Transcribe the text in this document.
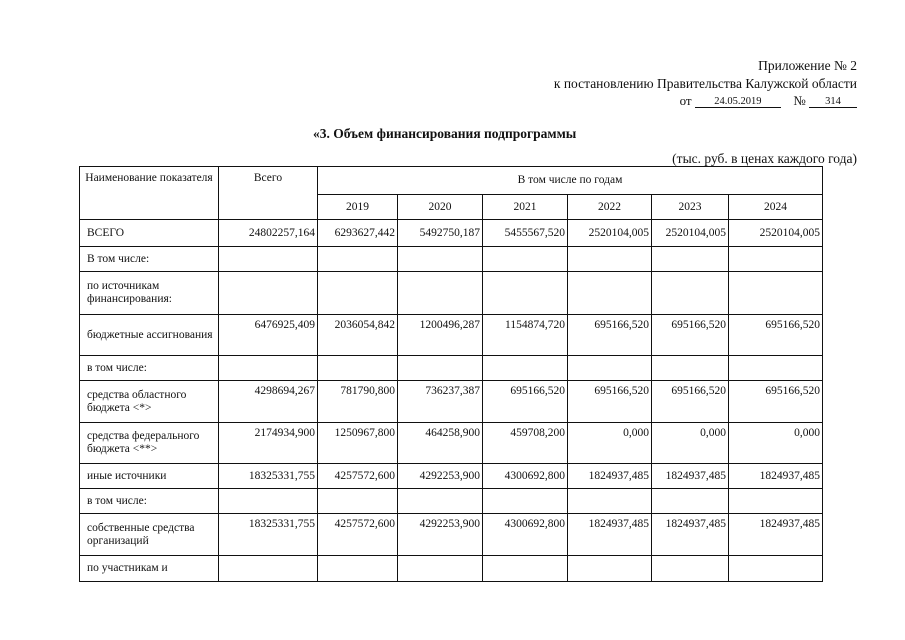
Приложение № 2
к постановлению Правительства Калужской области
от 24.05.2019 № 314
«3. Объем финансирования подпрограммы
(тыс. руб. в ценах каждого года)
Наименование показателя	Всего	В том числе по годам					
		2019	2020	2021	2022	2023	2024
ВСЕГО	24802257,164	6293627,442	5492750,187	5455567,520	2520104,005	2520104,005	2520104,005
В том числе:							
по источникам финансирования:							
бюджетные ассигнования	6476925,409	2036054,842	1200496,287	1154874,720	695166,520	695166,520	695166,520
в том числе:							
средства областного бюджета <*>	4298694,267	781790,800	736237,387	695166,520	695166,520	695166,520	695166,520
средства федерального бюджета <**>	2174934,900	1250967,800	464258,900	459708,200	0,000	0,000	0,000
иные источники	18325331,755	4257572,600	4292253,900	4300692,800	1824937,485	1824937,485	1824937,485
в том числе:							
собственные средства организаций	18325331,755	4257572,600	4292253,900	4300692,800	1824937,485	1824937,485	1824937,485
по участникам и							
